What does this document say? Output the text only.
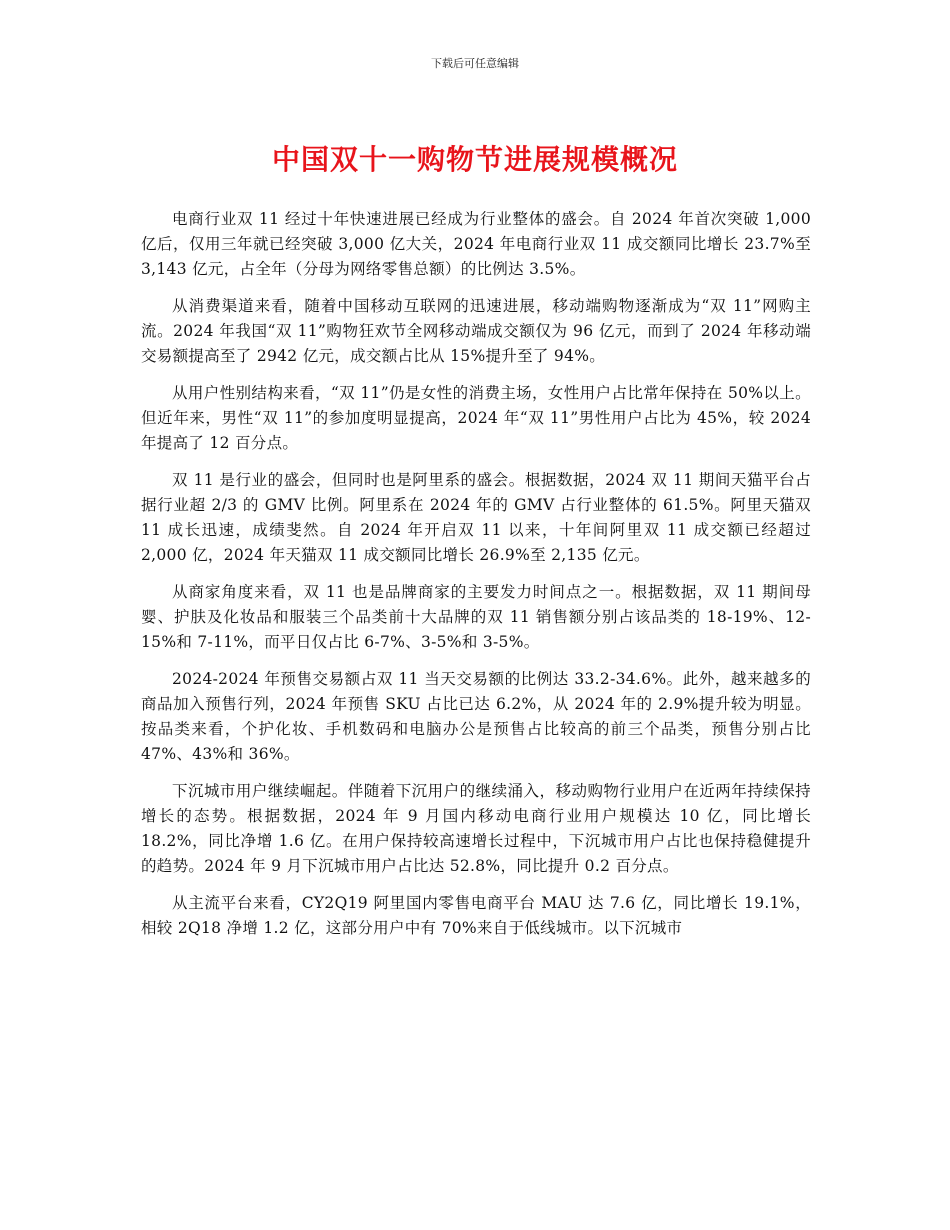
下载后可任意编辑
中国双十一购物节进展规模概况

电商行业双 11 经过十年快速进展已经成为行业整体的盛会。自 2024 年首次突破 1,000 亿后，仅用三年就已经突破 3,000 亿大关，2024 年电商行业双 11 成交额同比增长 23.7%至 3,143 亿元，占全年（分母为网络零售总额）的比例达 3.5%。

从消费渠道来看，随着中国移动互联网的迅速进展，移动端购物逐渐成为“双 11”网购主流。2024 年我国“双 11”购物狂欢节全网移动端成交额仅为 96 亿元，而到了 2024 年移动端交易额提高至了 2942 亿元，成交额占比从 15%提升至了 94%。

从用户性别结构来看，“双 11”仍是女性的消费主场，女性用户占比常年保持在 50%以上。但近年来，男性“双 11”的参加度明显提高，2024 年“双 11”男性用户占比为 45%，较 2024 年提高了 12 百分点。

双 11 是行业的盛会，但同时也是阿里系的盛会。根据数据，2024 双 11 期间天猫平台占据行业超 2/3 的 GMV 比例。阿里系在 2024 年的 GMV 占行业整体的 61.5%。阿里天猫双 11 成长迅速，成绩斐然。自 2024 年开启双 11 以来，十年间阿里双 11 成交额已经超过 2,000 亿，2024 年天猫双 11 成交额同比增长 26.9%至 2,135 亿元。

从商家角度来看，双 11 也是品牌商家的主要发力时间点之一。根据数据，双 11 期间母婴、护肤及化妆品和服装三个品类前十大品牌的双 11 销售额分别占该品类的 18-19%、12-15%和 7-11%，而平日仅占比 6-7%、3-5%和 3-5%。

2024-2024 年预售交易额占双 11 当天交易额的比例达 33.2-34.6%。此外，越来越多的商品加入预售行列，2024 年预售 SKU 占比已达 6.2%，从 2024 年的 2.9%提升较为明显。按品类来看，个护化妆、手机数码和电脑办公是预售占比较高的前三个品类，预售分别占比 47%、43%和 36%。

下沉城市用户继续崛起。伴随着下沉用户的继续涌入，移动购物行业用户在近两年持续保持增长的态势。根据数据，2024 年 9 月国内移动电商行业用户规模达 10 亿，同比增长 18.2%，同比净增 1.6 亿。在用户保持较高速增长过程中，下沉城市用户占比也保持稳健提升的趋势。2024 年 9 月下沉城市用户占比达 52.8%，同比提升 0.2 百分点。

从主流平台来看，CY2Q19 阿里国内零售电商平台 MAU 达 7.6 亿，同比增长 19.1%，相较 2Q18 净增 1.2 亿，这部分用户中有 70%来自于低线城市。以下沉城市
